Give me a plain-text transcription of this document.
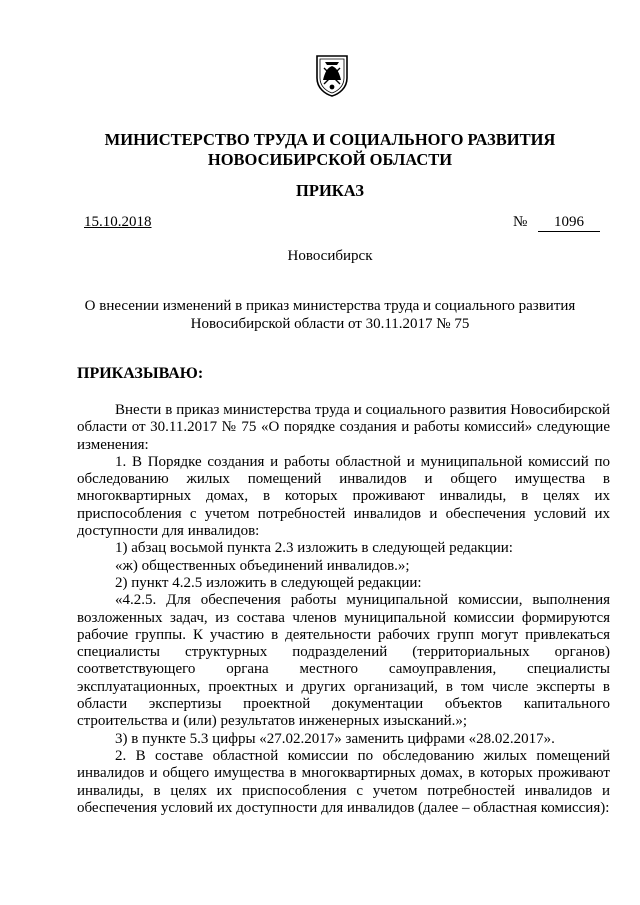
МИНИСТЕРСТВО ТРУДА И СОЦИАЛЬНОГО РАЗВИТИЯ
НОВОСИБИРСКОЙ ОБЛАСТИ
ПРИКАЗ
15.10.2018	№	1096
Новосибирск
О внесении изменений в приказ министерства труда и социального развития
Новосибирской области от 30.11.2017 № 75
ПРИКАЗЫВАЮ:

Внести в приказ министерства труда и социального развития Новосибирской области от 30.11.2017 № 75 «О порядке создания и работы комиссий» следующие изменения:

1. В Порядке создания и работы областной и муниципальной комиссий по обследованию жилых помещений инвалидов и общего имущества в многоквартирных домах, в которых проживают инвалиды, в целях их приспособления с учетом потребностей инвалидов и обеспечения условий их доступности для инвалидов:

1) абзац восьмой пункта 2.3 изложить в следующей редакции:

«ж) общественных объединений инвалидов.»;

2) пункт 4.2.5 изложить в следующей редакции:

«4.2.5. Для обеспечения работы муниципальной комиссии, выполнения возложенных задач, из состава членов муниципальной комиссии формируются рабочие группы. К участию в деятельности рабочих групп могут привлекаться специалисты структурных подразделений (территориальных органов) соответствующего органа местного самоуправления, специалисты эксплуатационных, проектных и других организаций, в том числе эксперты в области экспертизы проектной документации объектов капитального строительства и (или) результатов инженерных изысканий.»;

3) в пункте 5.3 цифры «27.02.2017» заменить цифрами «28.02.2017».

2. В составе областной комиссии по обследованию жилых помещений инвалидов и общего имущества в многоквартирных домах, в которых проживают инвалиды, в целях их приспособления с учетом потребностей инвалидов и обеспечения условий их доступности для инвалидов (далее – областная комиссия):
